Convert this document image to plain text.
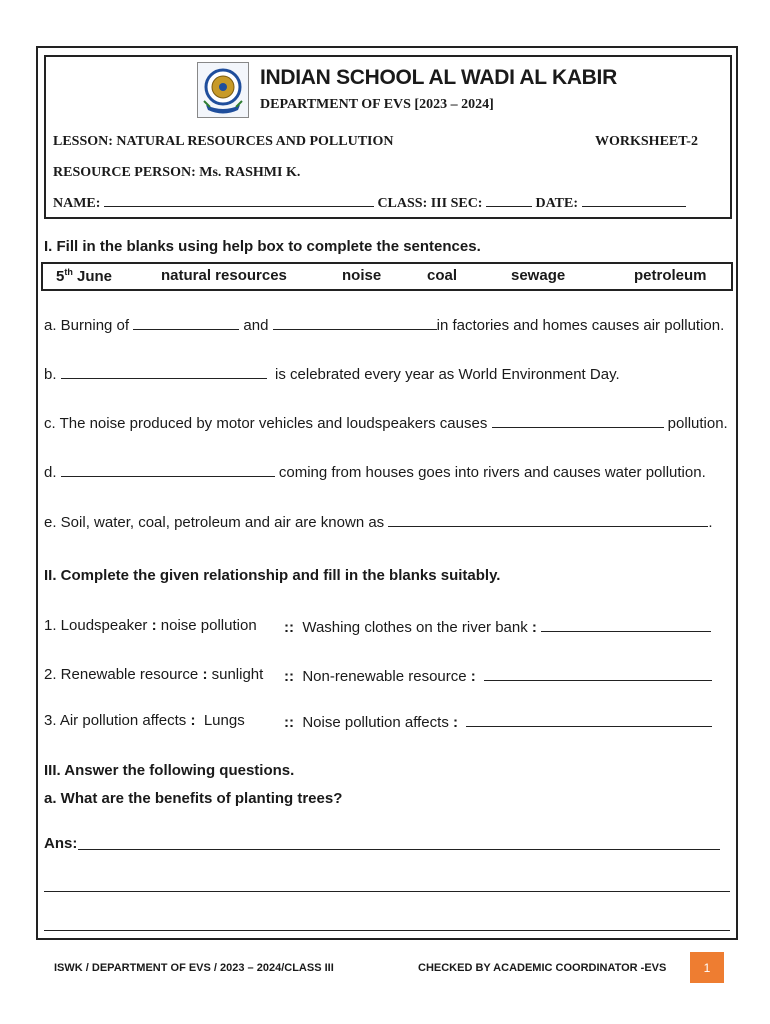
INDIAN SCHOOL AL WADI AL KABIR
DEPARTMENT OF EVS [2023 – 2024]
LESSON: NATURAL RESOURCES AND POLLUTION	WORKSHEET-2
RESOURCE PERSON: Ms. RASHMI K.
NAME:	CLASS: III SEC:	DATE:
I. Fill in the blanks using help box to complete the sentences.
5th June	natural resources	noise	coal	sewage	petroleum
a. Burning of	and	in factories and homes causes air pollution.
b.	is celebrated every year as World Environment Day.
c. The noise produced by motor vehicles and loudspeakers causes	pollution.
d.	coming from houses goes into rivers and causes water pollution.
e. Soil, water, coal, petroleum and air are known as	.
II. Complete the given relationship and fill in the blanks suitably.
1. Loudspeaker : noise pollution :: Washing clothes on the river bank :
2. Renewable resource : sunlight :: Non-renewable resource :
3. Air pollution affects : Lungs	:: Noise pollution affects :
III. Answer the following questions.
a. What are the benefits of planting trees?
Ans:
ISWK / DEPARTMENT OF EVS / 2023 – 2024/CLASS III	CHECKED BY ACADEMIC COORDINATOR -EVS	1
